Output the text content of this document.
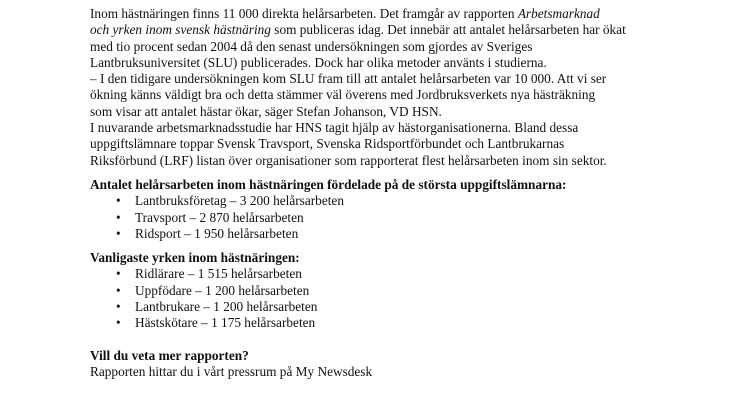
Inom hästnäringen finns 11 000 direkta helårsarbeten. Det framgår av rapporten Arbetsmarknad
och yrken inom svensk hästnäring som publiceras idag. Det innebär att antalet helårsarbeten har ökat
med tio procent sedan 2004 då den senast undersökningen som gjordes av Sveriges
Lantbruksuniversitet (SLU) publicerades. Dock har olika metoder använts i studierna.
– I den tidigare undersökningen kom SLU fram till att antalet helårsarbeten var 10 000. Att vi ser
ökning känns väldigt bra och detta stämmer väl överens med Jordbruksverkets nya hästräkning
som visar att antalet hästar ökar, säger Stefan Johanson, VD HSN.
I nuvarande arbetsmarknadsstudie har HNS tagit hjälp av hästorganisationerna. Bland dessa
uppgiftslämnare toppar Svensk Travsport, Svenska Ridsportförbundet och Lantbrukarnas
Riksförbund (LRF) listan över organisationer som rapporterat flest helårsarbeten inom sin sektor.

Antalet helårsarbeten inom hästnäringen fördelade på de största uppgiftslämnarna:

• Lantbruksföretag – 3 200 helårsarbeten
• Travsport – 2 870 helårsarbeten
• Ridsport – 1 950 helårsarbeten

Vanligaste yrken inom hästnäringen:

• Ridlärare – 1 515 helårsarbeten
• Uppfödare – 1 200 helårsarbeten
• Lantbrukare – 1 200 helårsarbeten
• Hästskötare – 1 175 helårsarbeten

Vill du veta mer rapporten?

Rapporten hittar du i vårt pressrum på My Newsdesk
